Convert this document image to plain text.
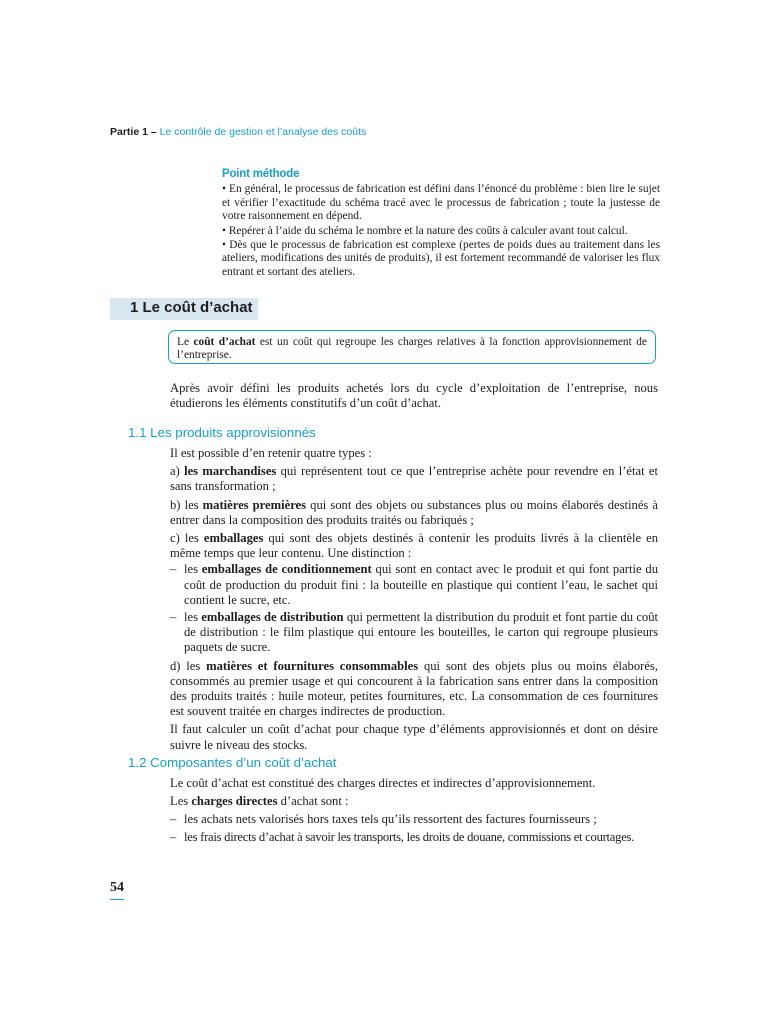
Partie 1 – Le contrôle de gestion et l’analyse des coûts
Point méthode

• En général, le processus de fabrication est défini dans l’énoncé du problème : bien lire le sujet et vérifier l’exactitude du schéma tracé avec le processus de fabrication ; toute la justesse de votre raisonnement en dépend.

• Repérer à l’aide du schéma le nombre et la nature des coûts à calculer avant tout calcul.

• Dès que le processus de fabrication est complexe (pertes de poids dues au traitement dans les ateliers, modifications des unités de produits), il est fortement recommandé de valoriser les flux entrant et sortant des ateliers.

1 Le coût d’achat
Le coût d’achat est un coût qui regroupe les charges relatives à la fonction approvisionnement de l’entreprise.

Après avoir défini les produits achetés lors du cycle d’exploitation de l’entreprise, nous étudierons les éléments constitutifs d’un coût d’achat.

1.1 Les produits approvisionnés

Il est possible d’en retenir quatre types :

a) les marchandises qui représentent tout ce que l’entreprise achète pour revendre en l’état et sans transformation ;

b) les matières premières qui sont des objets ou substances plus ou moins élaborés destinés à entrer dans la composition des produits traités ou fabriqués ;

c) les emballages qui sont des objets destinés à contenir les produits livrés à la clientèle en même temps que leur contenu. Une distinction :

– les emballages de conditionnement qui sont en contact avec le produit et qui font partie du coût de production du produit fini : la bouteille en plastique qui contient l’eau, le sachet qui contient le sucre, etc.
– les emballages de distribution qui permettent la distribution du produit et font partie du coût de distribution : le film plastique qui entoure les bouteilles, le carton qui regroupe plusieurs paquets de sucre.

d) les matières et fournitures consommables qui sont des objets plus ou moins élaborés, consommés au premier usage et qui concourent à la fabrication sans entrer dans la composition des produits traités : huile moteur, petites fournitures, etc. La consommation de ces fournitures est souvent traitée en charges indirectes de production.

Il faut calculer un coût d’achat pour chaque type d’éléments approvisionnés et dont on désire suivre le niveau des stocks.

1.2 Composantes d’un coût d’achat

Le coût d’achat est constitué des charges directes et indirectes d’approvisionnement.

Les charges directes d’achat sont :

– les achats nets valorisés hors taxes tels qu’ils ressortent des factures fournisseurs ;
– les frais directs d’achat à savoir les transports, les droits de douane, commissions et courtages.
54
